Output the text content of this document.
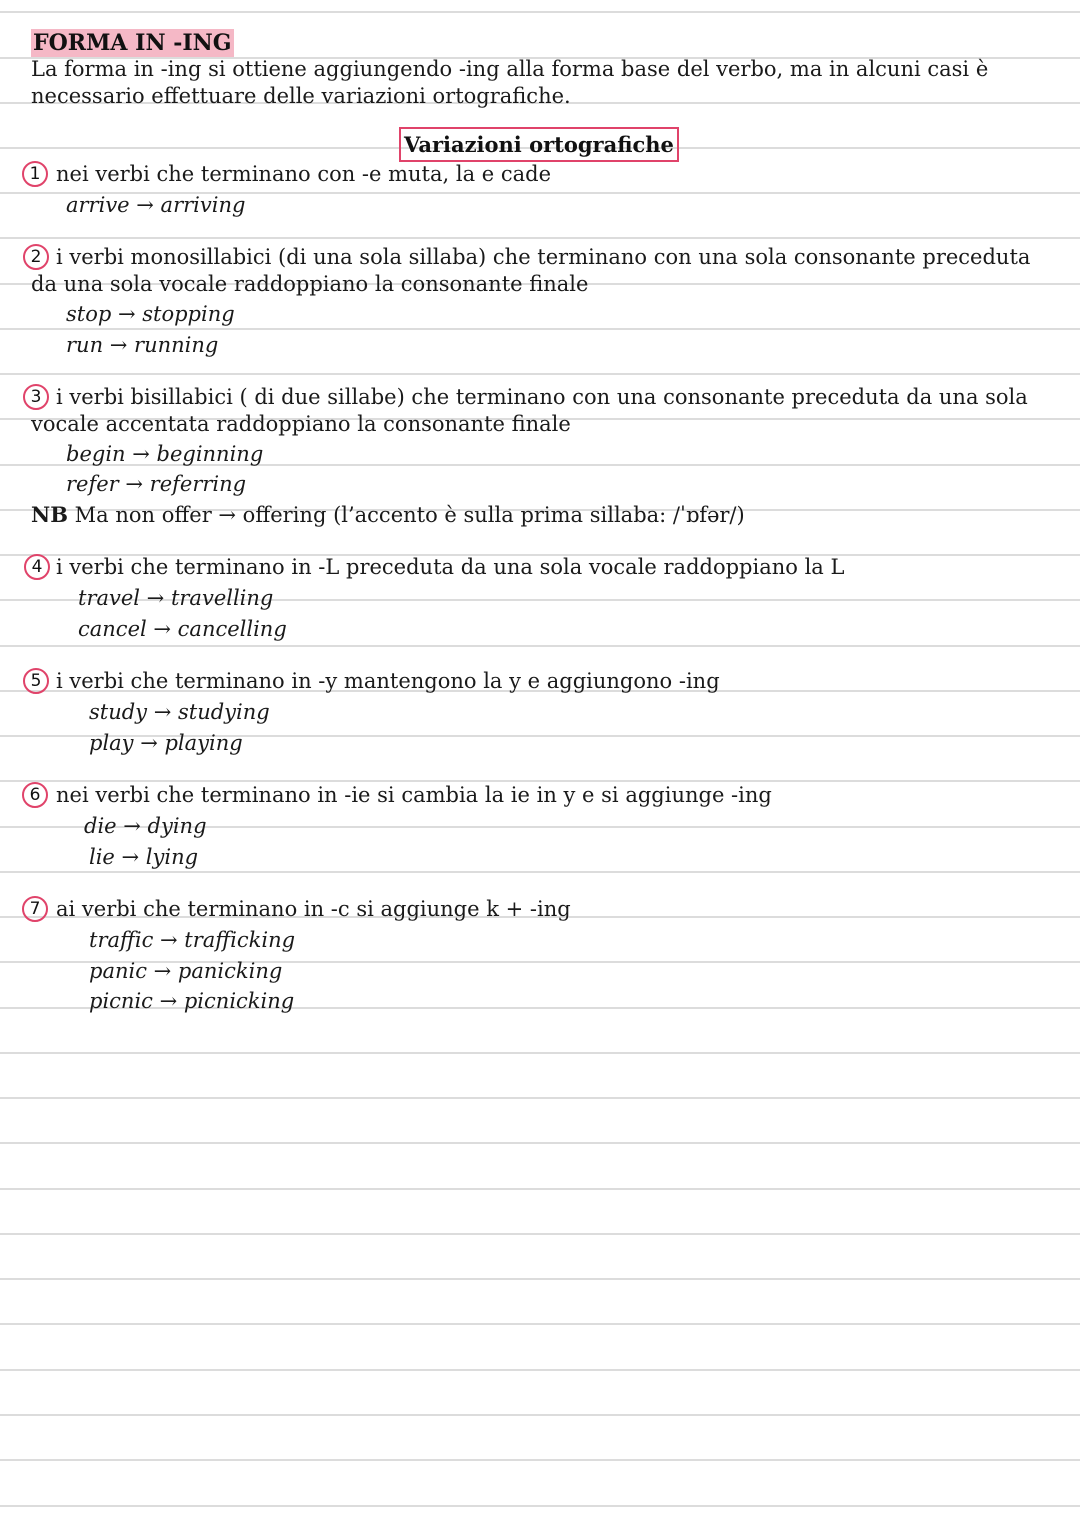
FORMA IN -ING
La forma in -ing si ottiene aggiungendo -ing alla forma base del verbo, ma in alcuni casi è necessario effettuare delle variazioni ortografiche.
Variazioni ortografiche
1 nei verbi che terminano con -e muta, la e cade
arrive → arriving
2 i verbi monosillabici (di una sola sillaba) che terminano con una sola consonante preceduta da una sola vocale raddoppiano la consonante finale
stop → stopping
run → running
3 i verbi bisillabici ( di due sillabe) che terminano con una consonante preceduta da una sola vocale accentata raddoppiano la consonante finale
begin → beginning
refer → referring
NB Ma non offer → offering (l’accento è sulla prima sillaba: /ˈɒfər/)
4 i verbi che terminano in -L preceduta da una sola vocale raddoppiano la L
travel → travelling
cancel → cancelling
5 i verbi che terminano in -y mantengono la y e aggiungono -ing
study → studying
play → playing
6 nei verbi che terminano in -ie si cambia la ie in y e si aggiunge -ing
die → dying
lie → lying
7 ai verbi che terminano in -c si aggiunge k + -ing
traffic → trafficking
panic → panicking
picnic → picnicking
